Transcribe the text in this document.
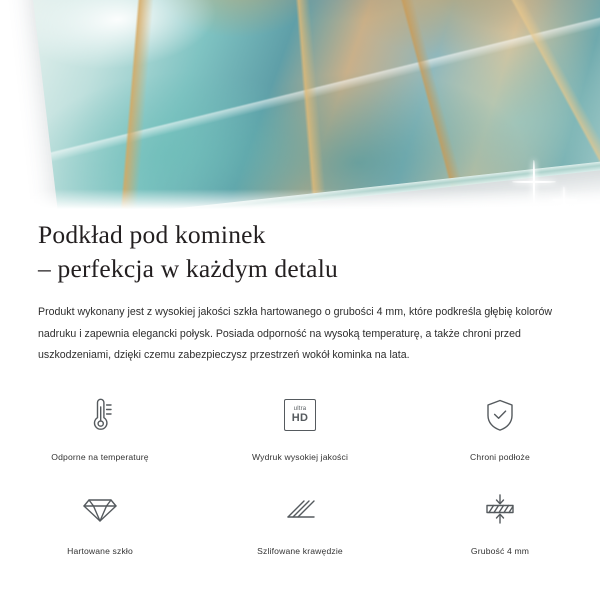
Podkład pod kominek
– perfekcja w każdym detalu

Produkt wykonany jest z wysokiej jakości szkła hartowanego o grubości 4 mm, które podkreśla głębię kolorów nadruku i zapewnia elegancki połysk. Posiada odporność na wysoką temperaturę, a także chroni przed uszkodzeniami, dzięki czemu zabezpieczysz przestrzeń wokół kominka na lata.

Odporne na temperaturę
ultra
HD
Wydruk wysokiej jakości	Chroni podłoże
Hartowane szkło	Szlifowane krawędzie	Grubość 4 mm
